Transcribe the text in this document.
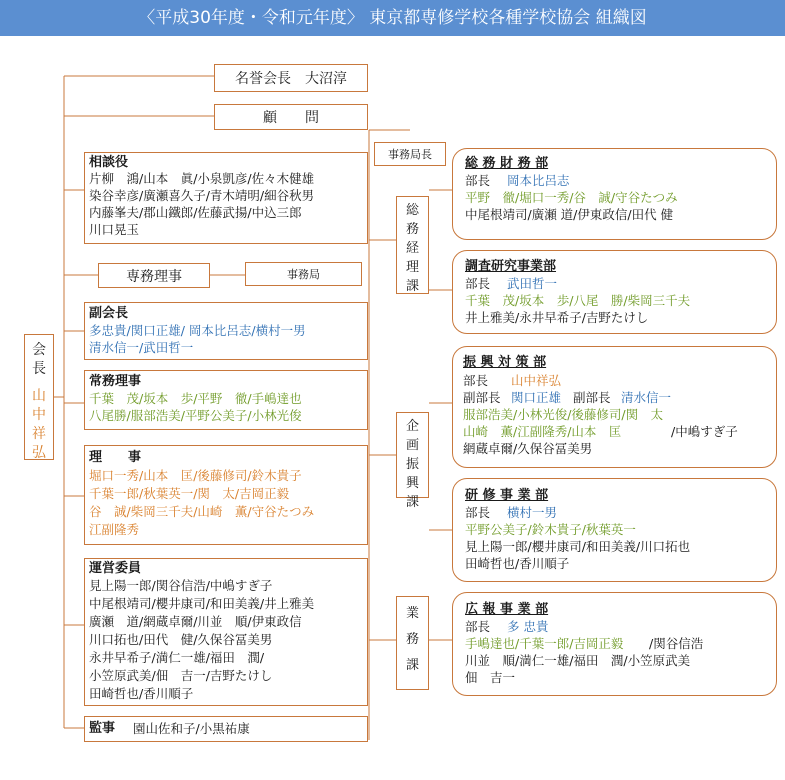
〈平成30年度・令和元年度〉 東京都専修学校各種学校協会 組織図
名誉会長　大沼淳
顧　　問
事務局長
会
長
山
中
祥
弘
専務理事	事務局
総
務
経
理
課
企
画
振
興
課
業
務
課
相談役
片柳　鴻/山本　眞/小泉凱彦/佐々木健雄
染谷幸彦/廣瀬喜久子/青木靖明/細谷秋男
内藤峯夫/郡山鐵郎/佐藤武揚/中込三郎
川口晃玉
副会長
多忠貴/関口正雄/ 岡本比呂志/横村一男
清水信一/武田哲一
常務理事
千葉　茂/坂本　歩/平野　徹/手嶋達也
八尾勝/服部浩美/平野公美子/小林光俊
理　　事
堀口一秀/山本　匡/後藤修司/鈴木貴子
千葉一郎/秋葉英一/関　太/吉岡正毅
谷　誠/柴岡三千夫/山崎　薫/守谷たつみ
江副隆秀
運営委員
見上陽一郎/関谷信浩/中嶋すぎ子
中尾根靖司/櫻井康司/和田美義/井上雅美
廣瀬　道/網蔵卓爾/川並　順/伊東政信
川口拓也/田代　健/久保谷冨美男
永井早希子/満仁一雄/福田　潤/
小笠原武美/佃　吉一/吉野たけし
田崎哲也/香川順子
監事 園山佐和子/小黒祐康
総 務 財 務 部
部長 岡本比呂志
平野　徹/堀口一秀/谷　誠/守谷たつみ
中尾根靖司/廣瀬 道/伊東政信/田代 健
調査研究事業部
部長 武田哲一
千葉　茂/坂本　歩/八尾　勝/柴岡三千夫
井上雅美/永井早希子/吉野たけし
振 興 対 策 部
部長 山中祥弘
副部長 関口正雄 副部長 清水信一
服部浩美/小林光俊/後藤修司/関　太
山崎　薫/江副隆秀/山本　匡	/中嶋すぎ子
網蔵卓爾/久保谷冨美男
研 修 事 業 部
部長 横村一男
平野公美子/鈴木貴子/秋葉英一
見上陽一郎/櫻井康司/和田美義/川口拓也
田崎哲也/香川順子
広 報 事 業 部
部長 多 忠貴
手嶋達也/千葉一郎/吉岡正毅 /関谷信浩
川並　順/満仁一雄/福田　潤/小笠原武美
佃　吉一
